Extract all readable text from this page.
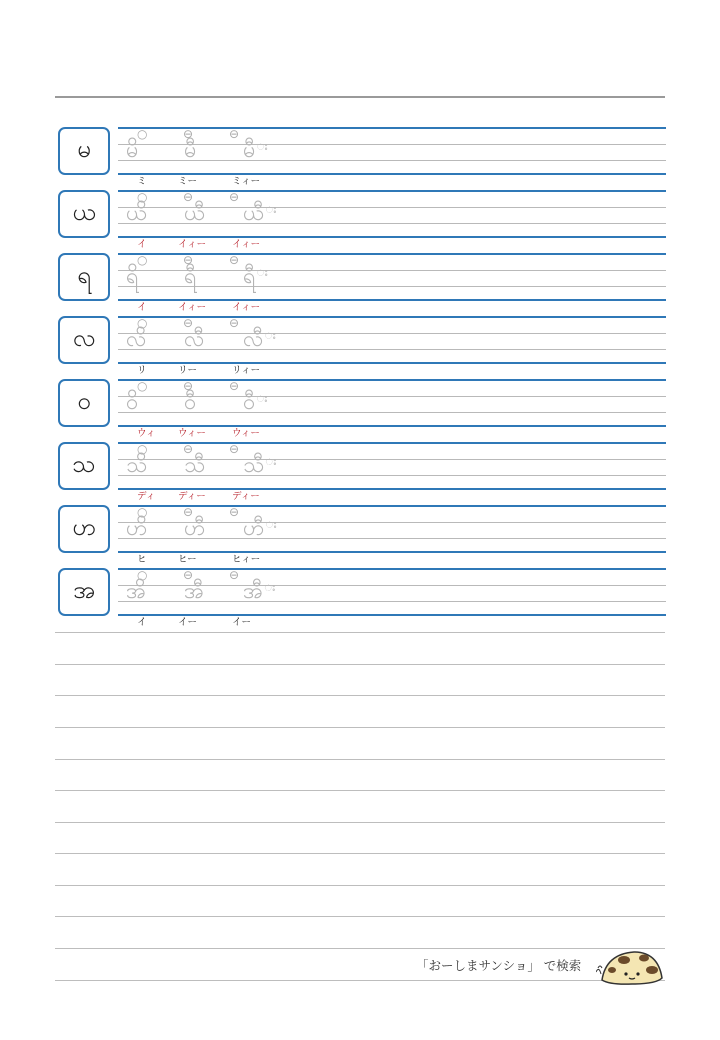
မ
○	⊖	⊖
မိ မီ မီး
ミ	ミー	ミィー
ယ
○	⊖	⊖
ယိ ယီ ယီး
イ	イィー	イィー
ရ
○	⊖	⊖
ရိ ရီ ရီး
イ	イィー	イィー
လ
○	⊖	⊖
လိ လီ လီး
リ	リー	リィー
ဝ
○	⊖	⊖
ဝိ ဝီ ဝီး
ウィ ウィー	ウィー
သ
○	⊖	⊖
သိ သီ သီး
ディ ディー	ディー
ဟ
○	⊖	⊖
ဟိ ဟီ ဟီး
ヒ	ヒー	ヒィー
အ
○	⊖	⊖
အိ အီ အီး
イ	イー	イー
「おーしまサンショ」 で検索
